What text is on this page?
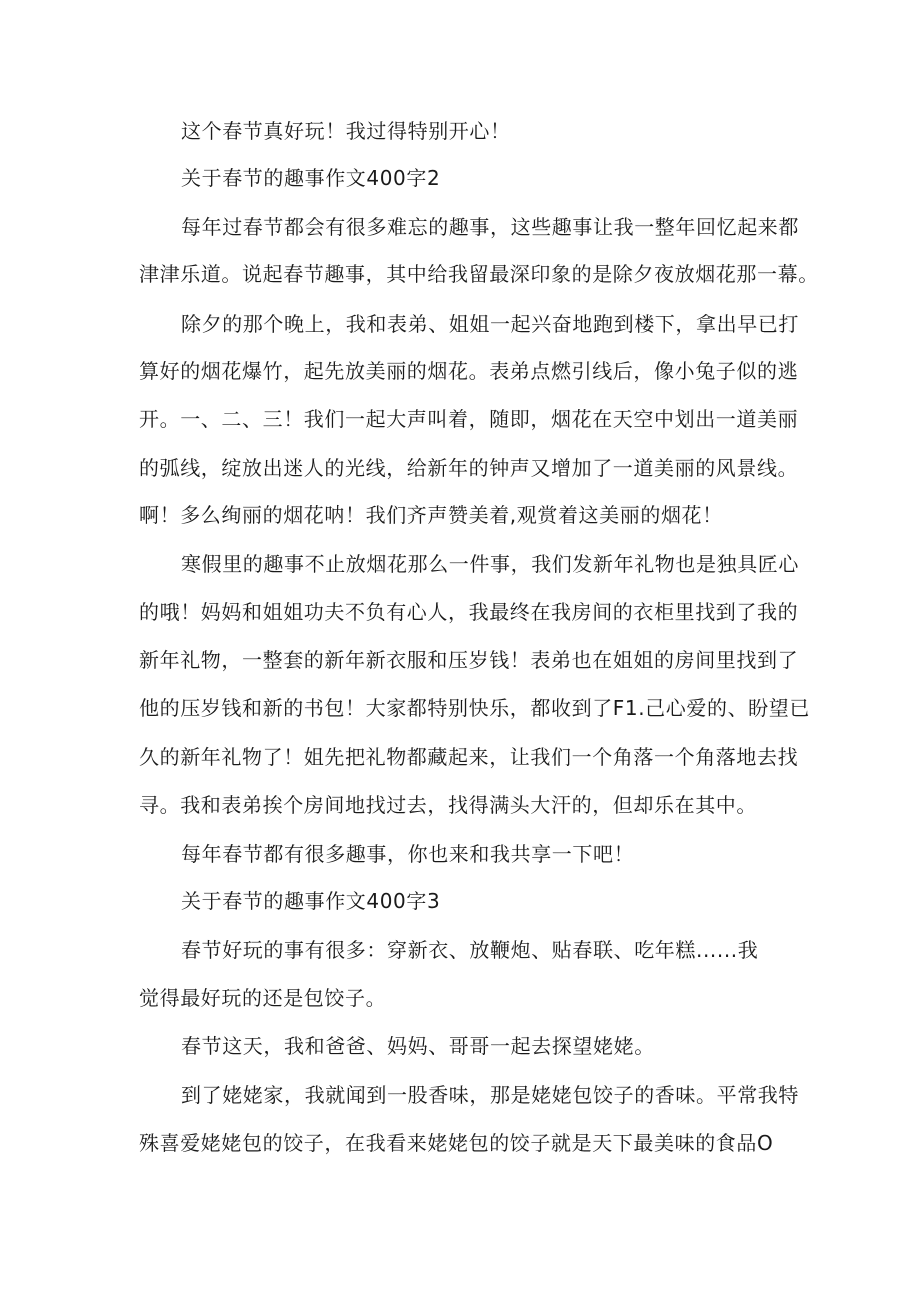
这个春节真好玩！我过得特别开心！
关于春节的趣事作文400字2
每年过春节都会有很多难忘的趣事，这些趣事让我一整年回忆起来都
津津乐道。说起春节趣事，其中给我留最深印象的是除夕夜放烟花那一幕。
除夕的那个晚上，我和表弟、姐姐一起兴奋地跑到楼下，拿出早已打
算好的烟花爆竹，起先放美丽的烟花。表弟点燃引线后，像小兔子似的逃
开。一、二、三！我们一起大声叫着，随即，烟花在天空中划出一道美丽
的弧线，绽放出迷人的光线，给新年的钟声又增加了一道美丽的风景线。
啊！多么绚丽的烟花呐！我们齐声赞美着,观赏着这美丽的烟花！
寒假里的趣事不止放烟花那么一件事，我们发新年礼物也是独具匠心
的哦！妈妈和姐姐功夫不负有心人，我最终在我房间的衣柜里找到了我的
新年礼物，一整套的新年新衣服和压岁钱！表弟也在姐姐的房间里找到了
他的压岁钱和新的书包！大家都特别快乐，都收到了F1.己心爱的、盼望已
久的新年礼物了！姐先把礼物都藏起来，让我们一个角落一个角落地去找
寻。我和表弟挨个房间地找过去，找得满头大汗的，但却乐在其中。
每年春节都有很多趣事，你也来和我共享一下吧！
关于春节的趣事作文400字3
春节好玩的事有很多：穿新衣、放鞭炮、贴春联、吃年糕......我
觉得最好玩的还是包饺子。
春节这天，我和爸爸、妈妈、哥哥一起去探望姥姥。
到了姥姥家，我就闻到一股香味，那是姥姥包饺子的香味。平常我特
殊喜爱姥姥包的饺子，在我看来姥姥包的饺子就是天下最美味的食品O
